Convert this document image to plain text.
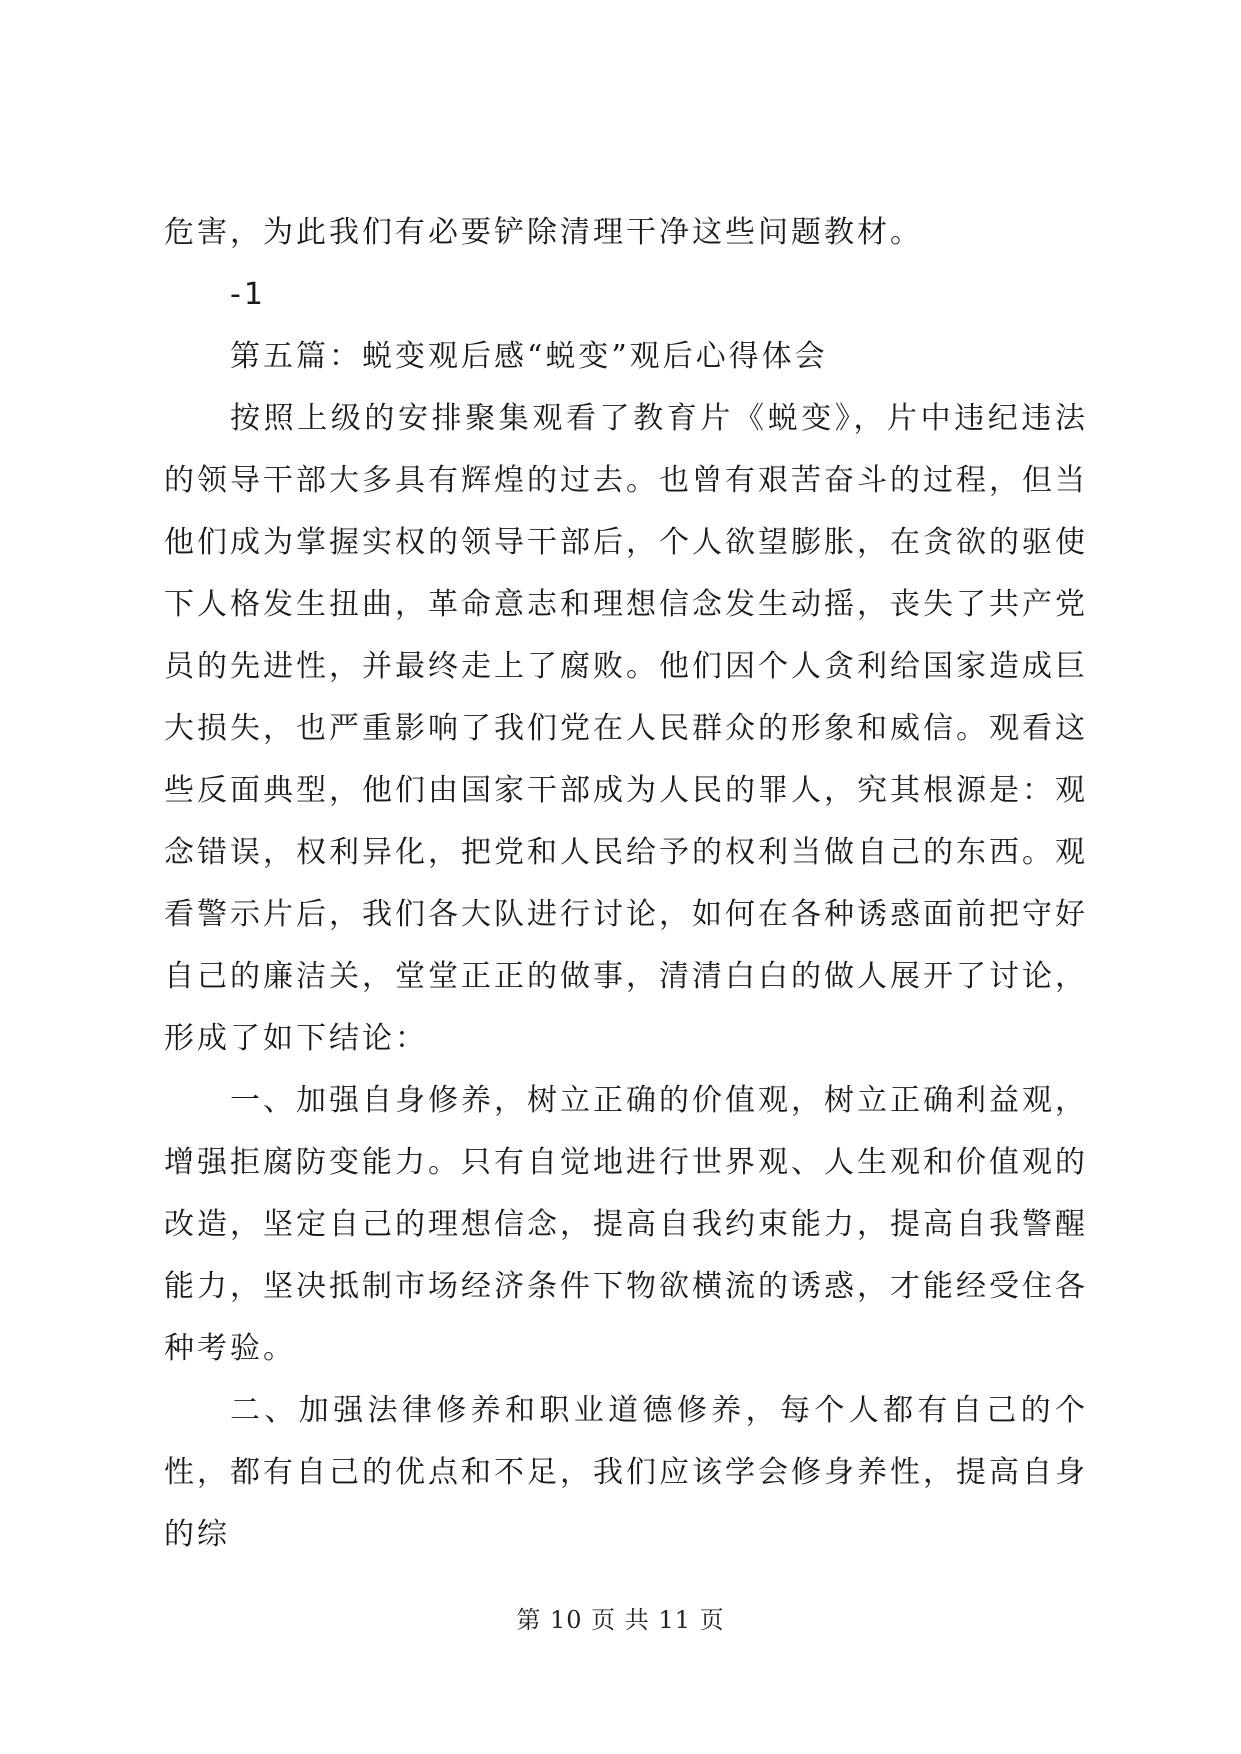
危害，为此我们有必要铲除清理干净这些问题教材。

-1

第五篇：蜕变观后感“蜕变”观后心得体会

按照上级的安排聚集观看了教育片《蜕变》，片中违纪违法的领导干部大多具有辉煌的过去。也曾有艰苦奋斗的过程，但当他们成为掌握实权的领导干部后，个人欲望膨胀，在贪欲的驱使下人格发生扭曲，革命意志和理想信念发生动摇，丧失了共产党员的先进性，并最终走上了腐败。他们因个人贪利给国家造成巨大损失，也严重影响了我们党在人民群众的形象和威信。观看这些反面典型，他们由国家干部成为人民的罪人，究其根源是：观念错误，权利异化，把党和人民给予的权利当做自己的东西。观看警示片后，我们各大队进行讨论，如何在各种诱惑面前把守好自己的廉洁关，堂堂正正的做事，清清白白的做人展开了讨论，形成了如下结论：

一、加强自身修养，树立正确的价值观，树立正确利益观，增强拒腐防变能力。只有自觉地进行世界观、人生观和价值观的改造，坚定自己的理想信念，提高自我约束能力，提高自我警醒能力，坚决抵制市场经济条件下物欲横流的诱惑，才能经受住各种考验。

二、加强法律修养和职业道德修养，每个人都有自己的个性，都有自己的优点和不足，我们应该学会修身养性，提高自身的综

第 10 页 共 11 页
